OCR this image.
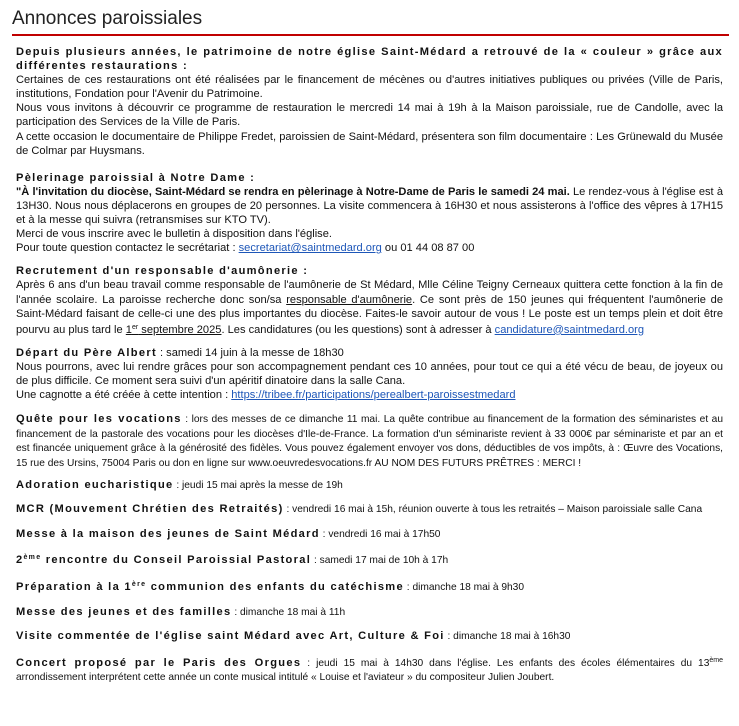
Annonces paroissiales
Depuis plusieurs années, le patrimoine de notre église Saint-Médard a retrouvé de la « couleur » grâce aux différentes restaurations :

Certaines de ces restaurations ont été réalisées par le financement de mécènes ou d'autres initiatives publiques ou privées (Ville de Paris, institutions, Fondation pour l'Avenir du Patrimoine.

Nous vous invitons à découvrir ce programme de restauration le mercredi 14 mai à 19h à la Maison paroissiale, rue de Candolle, avec la participation des Services de la Ville de Paris.

A cette occasion le documentaire de Philippe Fredet, paroissien de Saint-Médard, présentera son film documentaire : Les Grünewald du Musée de Colmar par Huysmans.

Pèlerinage paroissial à Notre Dame :

"À l'invitation du diocèse, Saint-Médard se rendra en pèlerinage à Notre-Dame de Paris le samedi 24 mai. Le rendez-vous à l'église est à 13H30. Nous nous déplacerons en groupes de 20 personnes. La visite commencera à 16H30 et nous assisterons à l'office des vêpres à 17H15 et à la messe qui suivra (retransmises sur KTO TV).

Merci de vous inscrire avec le bulletin à disposition dans l'église.

Pour toute question contactez le secrétariat : secretariat@saintmedard.org ou 01 44 08 87 00

Recrutement d'un responsable d'aumônerie :

Après 6 ans d'un beau travail comme responsable de l'aumônerie de St Médard, Mlle Céline Teigny Cerneaux quittera cette fonction à la fin de l'année scolaire. La paroisse recherche donc son/sa responsable d'aumônerie. Ce sont près de 150 jeunes qui fréquentent l'aumônerie de Saint-Médard faisant de celle-ci une des plus importantes du diocèse. Faites-le savoir autour de vous ! Le poste est un temps plein et doit être pourvu au plus tard le 1er septembre 2025. Les candidatures (ou les questions) sont à adresser à candidature@saintmedard.org

Départ du Père Albert : samedi 14 juin à la messe de 18h30

Nous pourrons, avec lui rendre grâces pour son accompagnement pendant ces 10 années, pour tout ce qui a été vécu de beau, de joyeux ou de plus difficile. Ce moment sera suivi d'un apéritif dinatoire dans la salle Cana.

Une cagnotte a été créée à cette intention : https://tribee.fr/participations/perealbert-paroissestmedard

Quête pour les vocations : lors des messes de ce dimanche 11 mai. La quête contribue au financement de la formation des séminaristes et au financement de la pastorale des vocations pour les diocèses d'Ile-de-France. La formation d'un séminariste revient à 33 000€ par séminariste et par an et est financée uniquement grâce à la générosité des fidèles. Vous pouvez également envoyer vos dons, déductibles de vos impôts, à : Œuvre des Vocations, 15 rue des Ursins, 75004 Paris ou don en ligne sur www.oeuvredesvocations.fr AU NOM DES FUTURS PRÊTRES : MERCI !

Adoration eucharistique : jeudi 15 mai après la messe de 19h
MCR (Mouvement Chrétien des Retraités) : vendredi 16 mai à 15h, réunion ouverte à tous les retraités – Maison paroissiale salle Cana
Messe à la maison des jeunes de Saint Médard : vendredi 16 mai à 17h50
2ème rencontre du Conseil Paroissial Pastoral : samedi 17 mai de 10h à 17h
Préparation à la 1ère communion des enfants du catéchisme : dimanche 18 mai à 9h30
Messe des jeunes et des familles : dimanche 18 mai à 11h
Visite commentée de l'église saint Médard avec Art, Culture & Foi : dimanche 18 mai à 16h30

Concert proposé par le Paris des Orgues : jeudi 15 mai à 14h30 dans l'église. Les enfants des écoles élémentaires du 13ème arrondissement interprétent cette année un conte musical intitulé « Louise et l'aviateur » du compositeur Julien Joubert.
